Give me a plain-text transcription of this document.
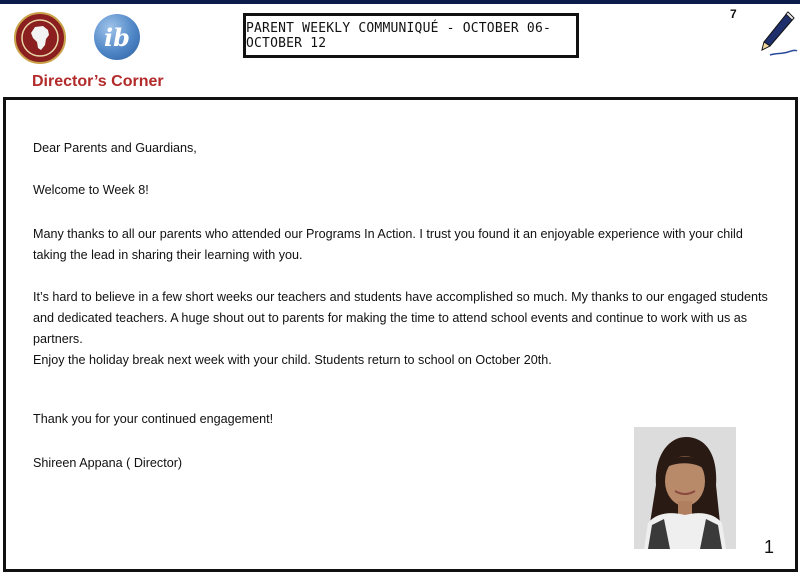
ib	PARENT WEEKLY COMMUNIQUÉ - OCTOBER 06-OCTOBER 12
7
Director’s Corner

Dear Parents and Guardians,

Welcome to Week 8!

Many thanks to all our parents who attended our Programs In Action. I trust you found it an enjoyable experience with your child taking the lead in sharing their learning with you.

It’s hard to believe in a few short weeks our teachers and students have accomplished so much. My thanks to our engaged students and dedicated teachers. A huge shout out to parents for making the time to attend school events and continue to work with us as partners.

Enjoy the holiday break next week with your child. Students return to school on October 20th.

Thank you for your continued engagement!

Shireen Appana ( Director)

1
